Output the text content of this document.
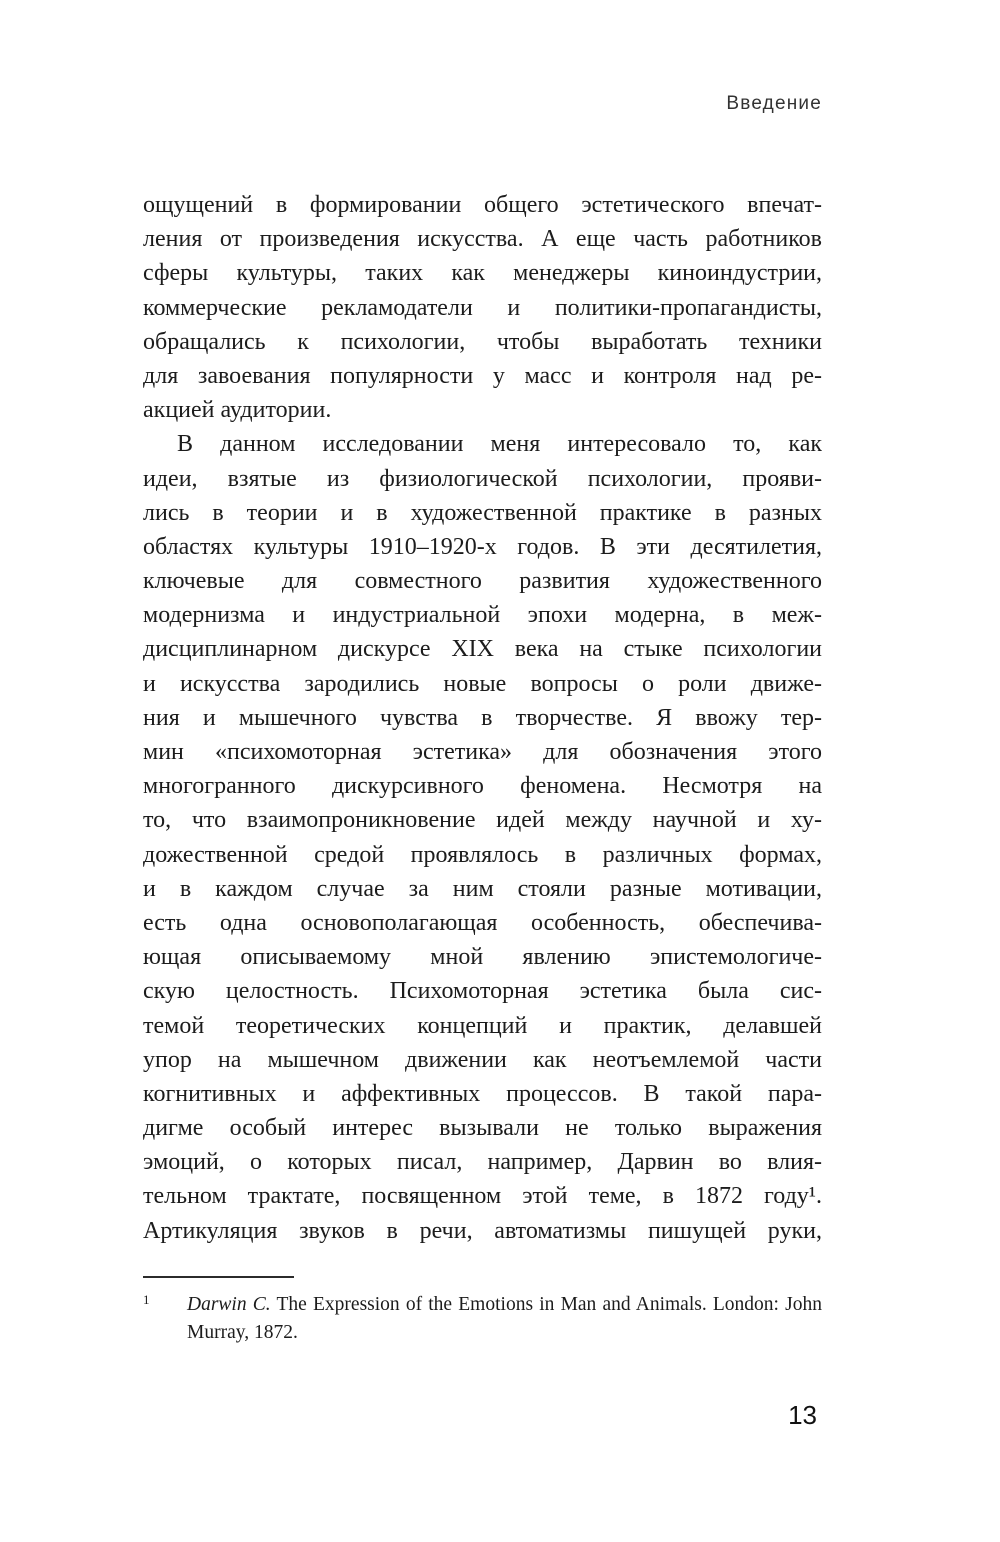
Введение
ощущений в формировании общего эстетического впечат-
ления от произведения искусства. А еще часть работников
сферы культуры, таких как менеджеры киноиндустрии,
коммерческие рекламодатели и политики-пропагандисты,
обращались к психологии, чтобы выработать техники
для завоевания популярности у масс и контроля над ре-
акцией аудитории.
В данном исследовании меня интересовало то, как
идеи, взятые из физиологической психологии, прояви-
лись в теории и в художественной практике в разных
областях культуры 1910–1920-х годов. В эти десятилетия,
ключевые для совместного развития художественного
модернизма и индустриальной эпохи модерна, в меж-
дисциплинарном дискурсе XIX века на стыке психологии
и искусства зародились новые вопросы о роли движе-
ния и мышечного чувства в творчестве. Я ввожу тер-
мин «психомоторная эстетика» для обозначения этого
многогранного дискурсивного феномена. Несмотря на
то, что взаимопроникновение идей между научной и ху-
дожественной средой проявлялось в различных формах,
и в каждом случае за ним стояли разные мотивации,
есть одна основополагающая особенность, обеспечива-
ющая описываемому мной явлению эпистемологиче-
скую целостность. Психомоторная эстетика была сис-
темой теоретических концепций и практик, делавшей
упор на мышечном движении как неотъемлемой части
когнитивных и аффективных процессов. В такой пара-
дигме особый интерес вызывали не только выражения
эмоций, о которых писал, например, Дарвин во влия-
тельном трактате, посвященном этой теме, в 1872 году¹.
Артикуляция звуков в речи, автоматизмы пишущей руки,
1	Darwin C. The Expression of the Emotions in Man and Animals. London: John Murray, 1872.
13
